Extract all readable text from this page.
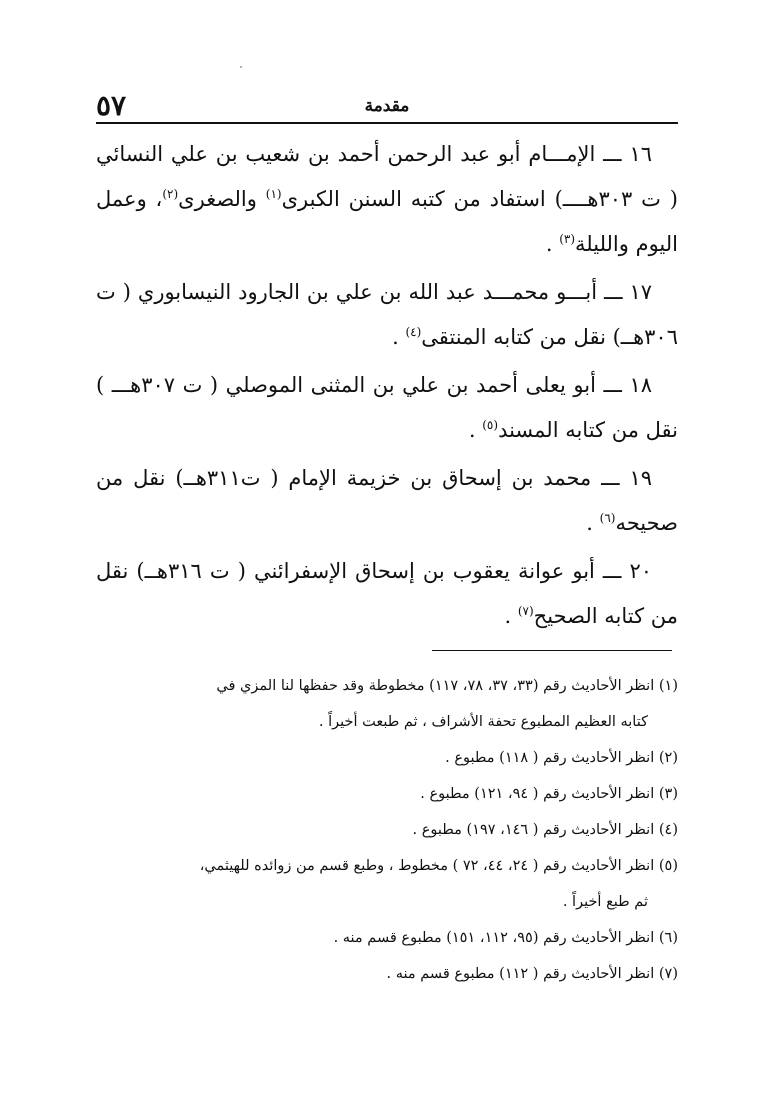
٥٧	مقدمة

١٦ ـــ الإمـــام أبو عبد الرحمن أحمد بن شعيب بن علي النسائي ( ت ٣٠٣هــــ) استفاد من كتبه السنن الكبرى$^{(١)}$ والصغرى$^{(٢)}$، وعمل اليوم والليلة$^{(٣)}$ .

١٧ ـــ أبـــو محمـــد عبد الله بن علي بن الجارود النيسابوري ( ت ٣٠٦هــ) نقل من كتابه المنتقى$^{(٤)}$ .

١٨ ـــ أبو يعلى أحمد بن علي بن المثنى الموصلي ( ت ٣٠٧هـــ ) نقل من كتابه المسند$^{(٥)}$ .

١٩ ـــ محمد بن إسحاق بن خزيمة الإمام ( ت٣١١هــ) نقل من صحيحه$^{(٦)}$ .

٢٠ ـــ أبو عوانة يعقوب بن إسحاق الإسفرائني ( ت ٣١٦هــ) نقل من كتابه الصحيح$^{(٧)}$ .

(١) انظر الأحاديث رقم (٣٣، ٣٧، ٧٨، ١١٧) مخطوطة وقد حفظها لنا المزي في
كتابه العظيم المطبوع تحفة الأشراف ، ثم طبعت أخيراً .

(٢) انظر الأحاديث رقم ( ١١٨) مطبوع .

(٣) انظر الأحاديث رقم ( ٩٤، ١٢١) مطبوع .

(٤) انظر الأحاديث رقم ( ١٤٦، ١٩٧) مطبوع .

(٥) انظر الأحاديث رقم ( ٢٤، ٤٤، ٧٢ ) مخطوط ، وطبع قسم من زوائده للهيثمي،
ثم طبع أخيراً .

(٦) انظر الأحاديث رقم (٩٥، ١١٢، ١٥١) مطبوع قسم منه .

(٧) انظر الأحاديث رقم ( ١١٢) مطبوع قسم منه .
